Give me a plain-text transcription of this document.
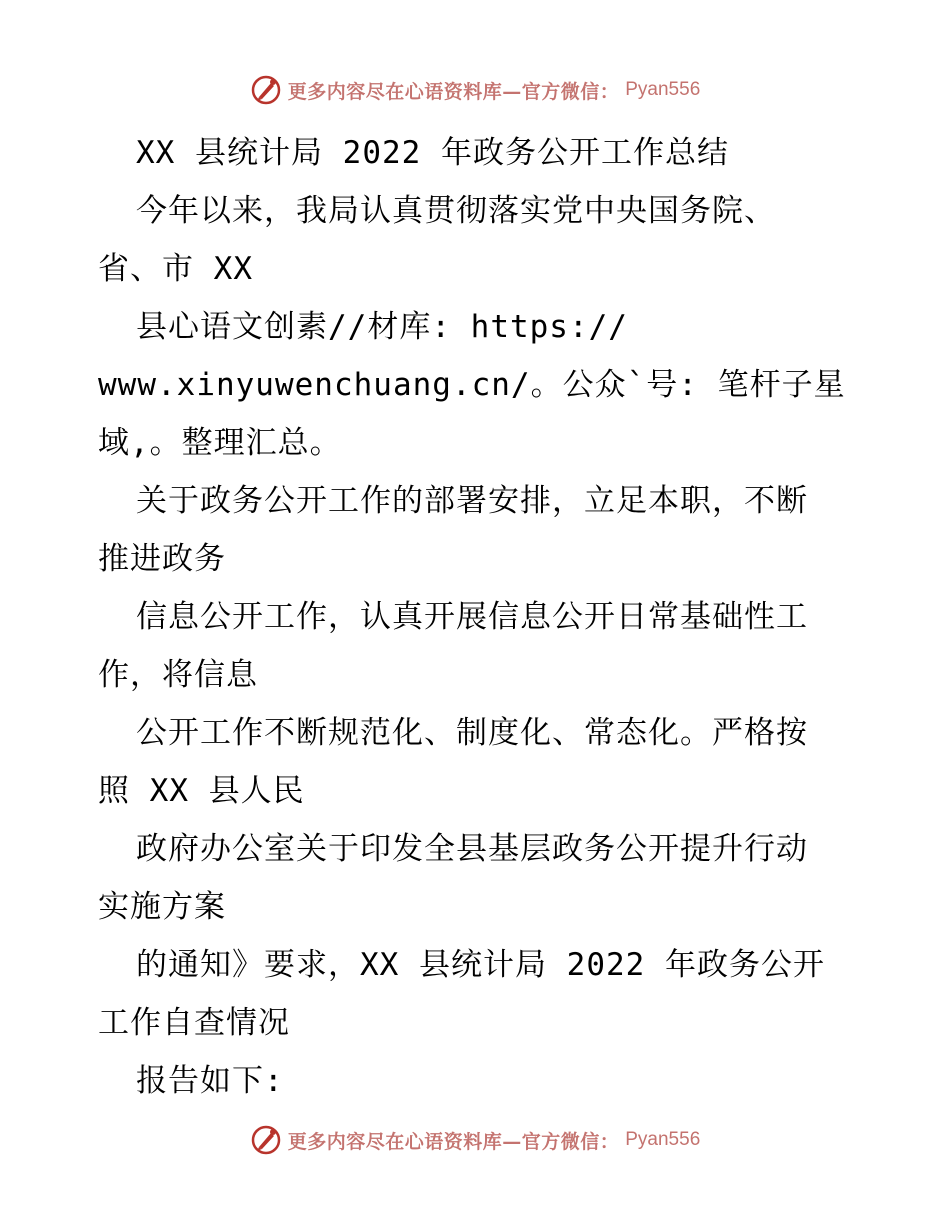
更多内容尽在心语资料库—官方微信： Pyan556
XX 县统计局 2022 年政务公开工作总结
今年以来，我局认真贯彻落实党中央国务院、
省、市 XX
县心语文创素//材库: https://
www.xinyuwenchuang.cn/。公众`号: 笔杆子星
域,。整理汇总。
关于政务公开工作的部署安排，立足本职，不断
推进政务
信息公开工作，认真开展信息公开日常基础性工
作，将信息
公开工作不断规范化、制度化、常态化。严格按
照 XX 县人民
政府办公室关于印发全县基层政务公开提升行动
实施方案
的通知》要求，XX 县统计局 2022 年政务公开
工作自查情况
报告如下:
更多内容尽在心语资料库—官方微信： Pyan556
